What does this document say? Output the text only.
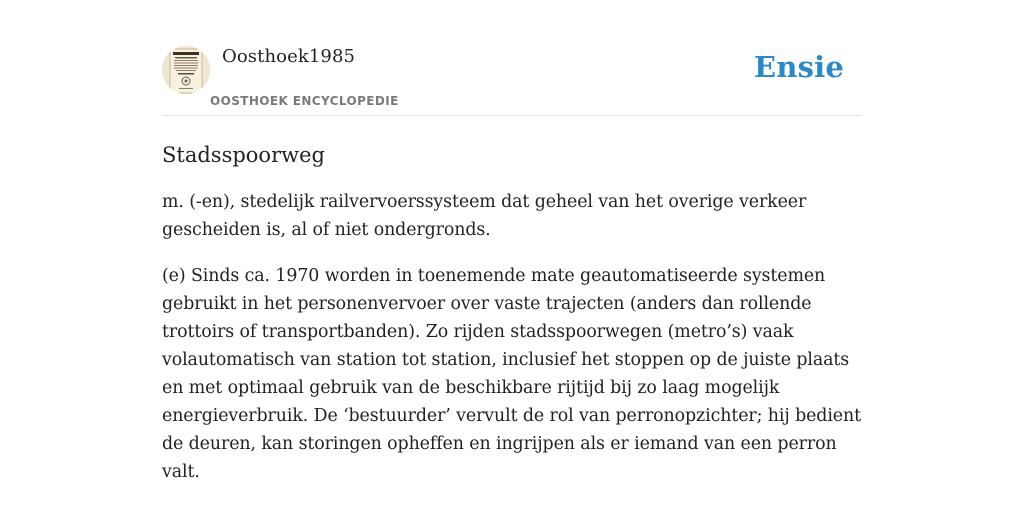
Oosthoek1985
OOSTHOEK ENCYCLOPEDIE
Ensie
Stadsspoorweg

m. (-en), stedelijk railvervoerssysteem dat geheel van het overige verkeer gescheiden is, al of niet ondergronds.

(e) Sinds ca. 1970 worden in toenemende mate geautomatiseerde systemen gebruikt in het personenvervoer over vaste trajecten (anders dan rollende trottoirs of transportbanden). Zo rijden stadsspoorwegen (metro’s) vaak volautomatisch van station tot station, inclusief het stoppen op de juiste plaats en met optimaal gebruik van de beschikbare rijtijd bij zo laag mogelijk energieverbruik. De ‘bestuurder’ vervult de rol van perronopzichter; hij bedient de deuren, kan storingen opheffen en ingrijpen als er iemand van een perron valt.
